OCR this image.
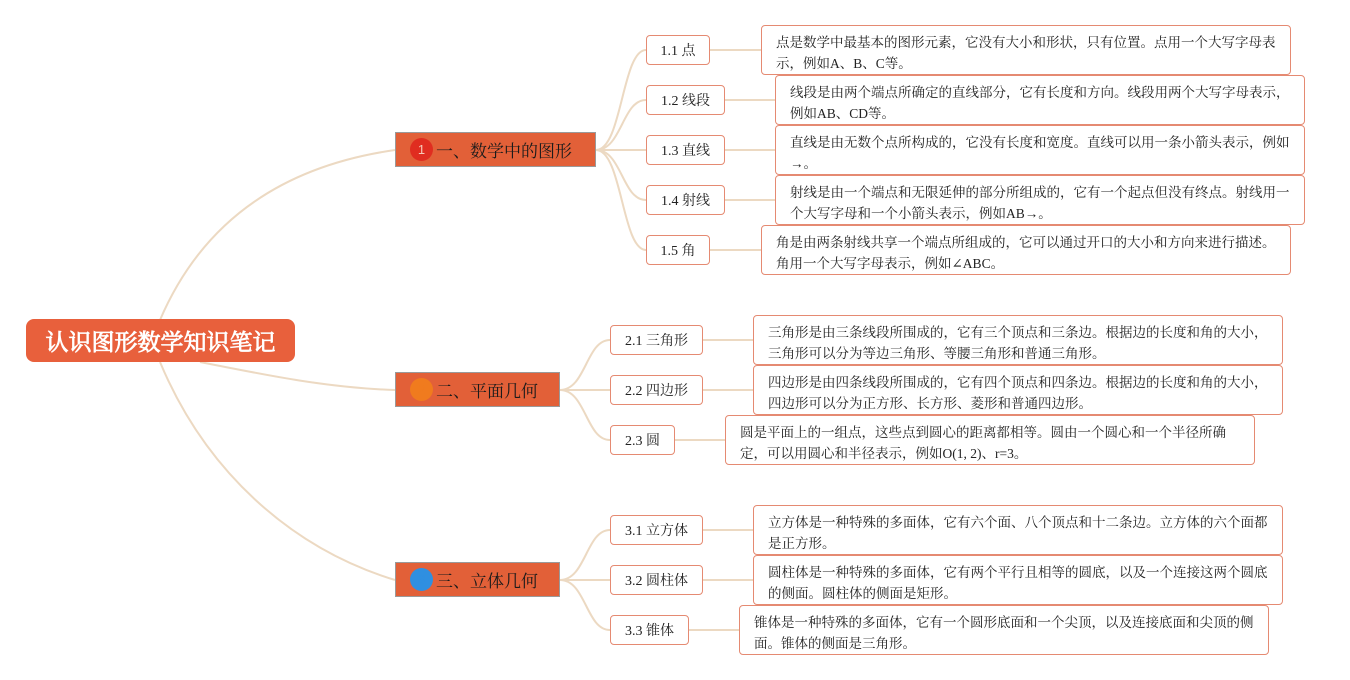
认识图形数学知识笔记
1 一、数学中的图形
1.1 点
1.2 线段
1.3 直线
1.4 射线
1.5 角
点是数学中最基本的图形元素，它没有大小和形状，只有位置。点用一个大写字母表示，例如A、B、C等。
线段是由两个端点所确定的直线部分，它有长度和方向。线段用两个大写字母表示，例如AB、CD等。
直线是由无数个点所构成的，它没有长度和宽度。直线可以用一条小箭头表示，例如→。
射线是由一个端点和无限延伸的部分所组成的，它有一个起点但没有终点。射线用一个大写字母和一个小箭头表示，例如AB→。
角是由两条射线共享一个端点所组成的，它可以通过开口的大小和方向来进行描述。角用一个大写字母表示，例如∠ABC。
2 二、平面几何
2.1 三角形
2.2 四边形
2.3 圆
三角形是由三条线段所围成的，它有三个顶点和三条边。根据边的长度和角的大小，三角形可以分为等边三角形、等腰三角形和普通三角形。
四边形是由四条线段所围成的，它有四个顶点和四条边。根据边的长度和角的大小，四边形可以分为正方形、长方形、菱形和普通四边形。
圆是平面上的一组点，这些点到圆心的距离都相等。圆由一个圆心和一个半径所确定，可以用圆心和半径表示，例如O(1, 2)、r=3。
3 三、立体几何
3.1 立方体
3.2 圆柱体
3.3 锥体
立方体是一种特殊的多面体，它有六个面、八个顶点和十二条边。立方体的六个面都是正方形。
圆柱体是一种特殊的多面体，它有两个平行且相等的圆底，以及一个连接这两个圆底的侧面。圆柱体的侧面是矩形。
锥体是一种特殊的多面体，它有一个圆形底面和一个尖顶，以及连接底面和尖顶的侧面。锥体的侧面是三角形。
